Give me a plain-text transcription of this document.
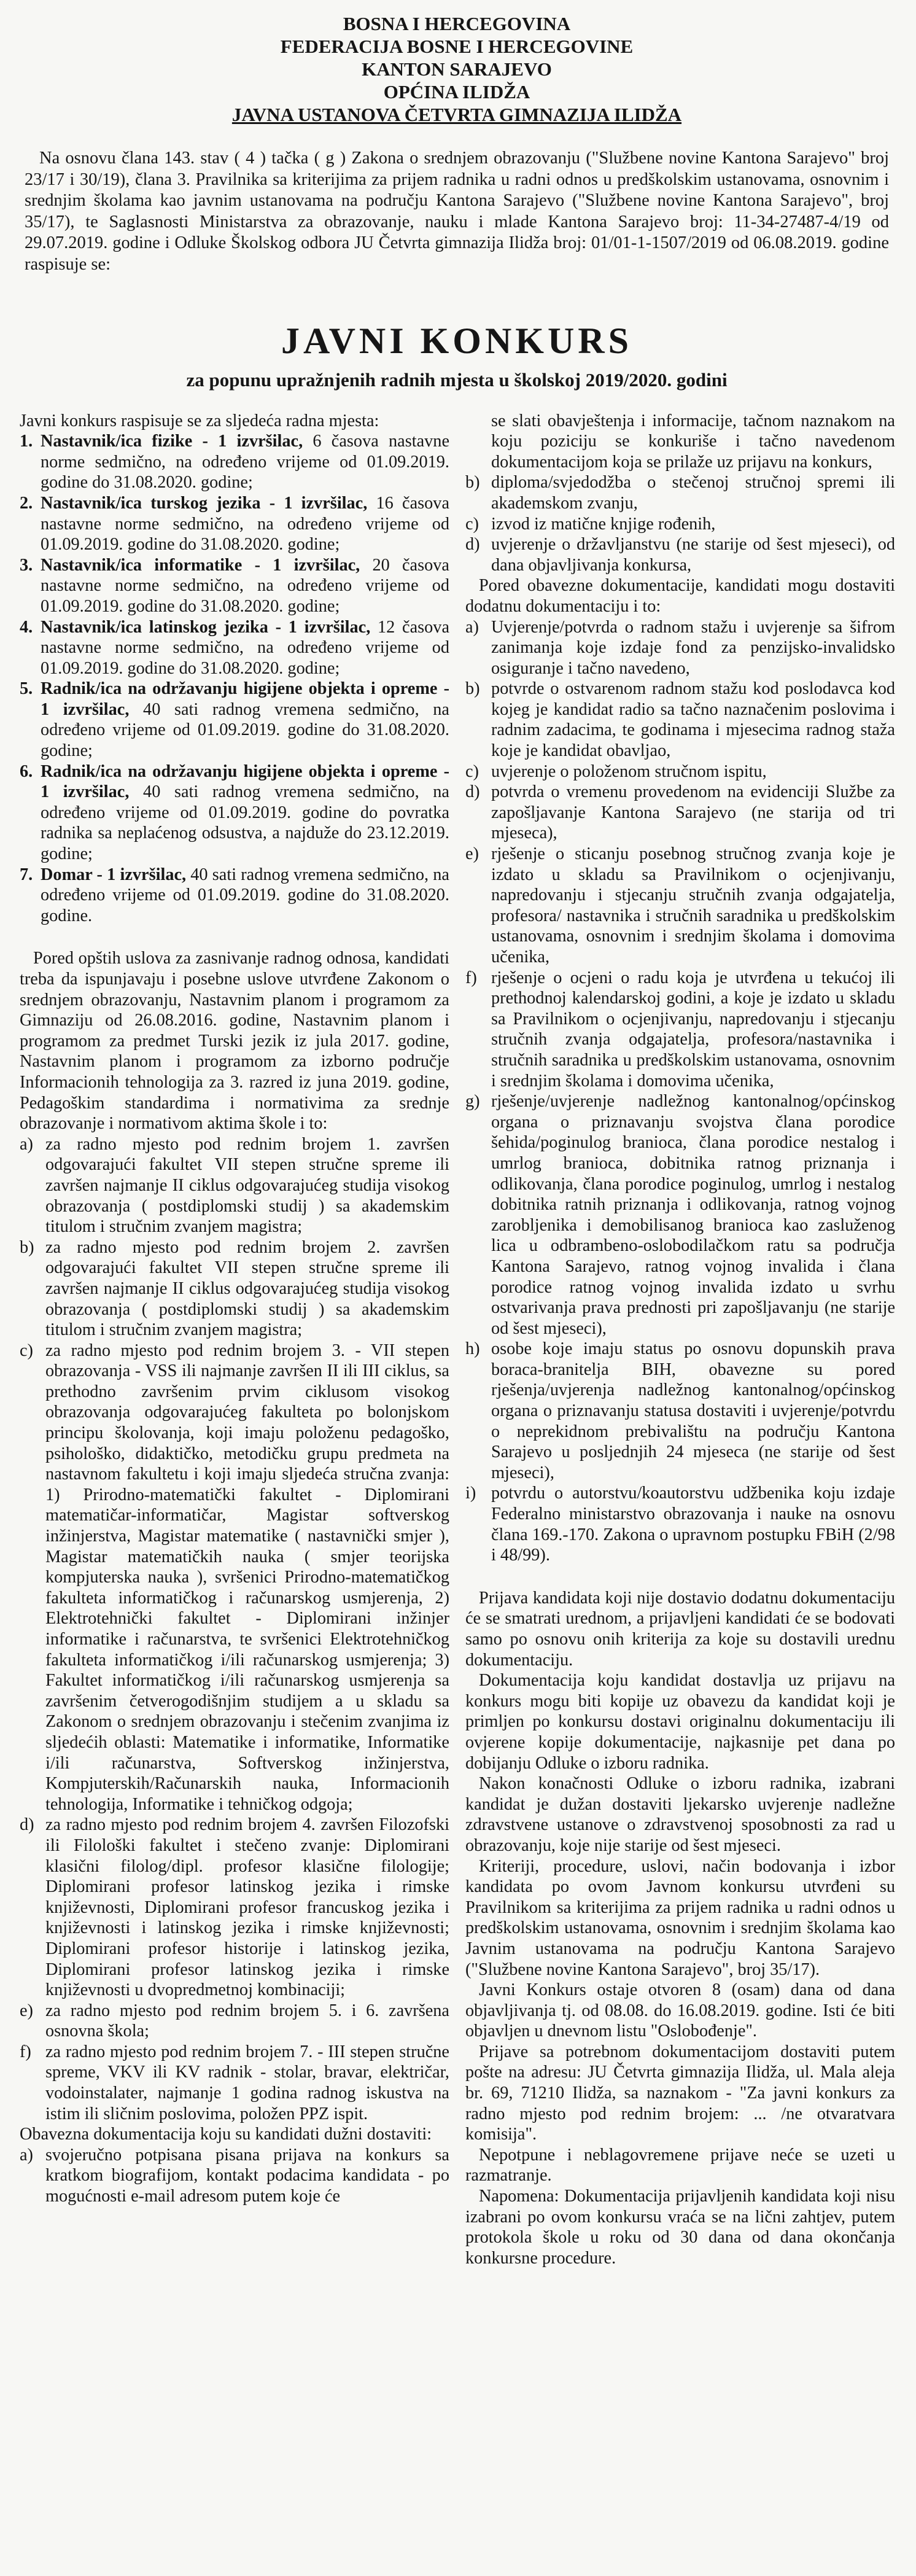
BOSNA I HERCEGOVINA
FEDERACIJA BOSNE I HERCEGOVINE
KANTON SARAJEVO
OPĆINA ILIDŽA
JAVNA USTANOVA ČETVRTA GIMNAZIJA ILIDŽA

Na osnovu člana 143. stav ( 4 ) tačka ( g ) Zakona o srednjem obrazovanju ("Službene novine Kantona Sarajevo" broj 23/17 i 30/19), člana 3. Pravilnika sa kriterijima za prijem radnika u radni odnos u predškolskim ustanovama, osnovnim i srednjim školama kao javnim ustanovama na području Kantona Sarajevo ("Službene novine Kantona Sarajevo", broj 35/17), te Saglasnosti Ministarstva za obrazovanje, nauku i mlade Kantona Sarajevo broj: 11-34-27487-4/19 od 29.07.2019. godine i Odluke Školskog odbora JU Četvrta gimnazija Ilidža broj: 01/01-1-1507/2019 od 06.08.2019. godine raspisuje se:

JAVNI KONKURS
za popunu upražnjenih radnih mjesta u školskoj 2019/2020. godini

Javni konkurs raspisuje se za sljedeća radna mjesta:

1. Nastavnik/ica fizike - 1 izvršilac, 6 časova nastavne norme sedmično, na određeno vrijeme od 01.09.2019. godine do 31.08.2020. godine;
2. Nastavnik/ica turskog jezika - 1 izvršilac, 16 časova nastavne norme sedmično, na određeno vrijeme od 01.09.2019. godine do 31.08.2020. godine;
3. Nastavnik/ica informatike - 1 izvršilac, 20 časova nastavne norme sedmično, na određeno vrijeme od 01.09.2019. godine do 31.08.2020. godine;
4. Nastavnik/ica latinskog jezika - 1 izvršilac, 12 časova nastavne norme sedmično, na određeno vrijeme od 01.09.2019. godine do 31.08.2020. godine;
5. Radnik/ica na održavanju higijene objekta i opreme - 1 izvršilac, 40 sati radnog vremena sedmično, na određeno vrijeme od 01.09.2019. godine do 31.08.2020. godine;
6. Radnik/ica na održavanju higijene objekta i opreme - 1 izvršilac, 40 sati radnog vremena sedmično, na određeno vrijeme od 01.09.2019. godine do povratka radnika sa neplaćenog odsustva, a najduže do 23.12.2019. godine;
7. Domar - 1 izvršilac, 40 sati radnog vremena sedmično, na određeno vrijeme od 01.09.2019. godine do 31.08.2020. godine.

Pored opštih uslova za zasnivanje radnog odnosa, kandidati treba da ispunjavaju i posebne uslove utvrđene Zakonom o srednjem obrazovanju, Nastavnim planom i programom za Gimnaziju od 26.08.2016. godine, Nastavnim planom i programom za predmet Turski jezik iz jula 2017. godine, Nastavnim planom i programom za izborno područje Informacionih tehnologija za 3. razred iz juna 2019. godine, Pedagoškim standardima i normativima za srednje obrazovanje i normativom aktima škole i to:

a) za radno mjesto pod rednim brojem 1. završen odgovarajući fakultet VII stepen stručne spreme ili završen najmanje II ciklus odgovarajućeg studija visokog obrazovanja ( postdiplomski studij ) sa akademskim titulom i stručnim zvanjem magistra;
b) za radno mjesto pod rednim brojem 2. završen odgovarajući fakultet VII stepen stručne spreme ili završen najmanje II ciklus odgovarajućeg studija visokog obrazovanja ( postdiplomski studij ) sa akademskim titulom i stručnim zvanjem magistra;
c) za radno mjesto pod rednim brojem 3. - VII stepen obrazovanja - VSS ili najmanje završen II ili III ciklus, sa prethodno završenim prvim ciklusom visokog obrazovanja odgovarajućeg fakulteta po bolonjskom principu školovanja, koji imaju položenu pedagoško, psihološko, didaktičko, metodičku grupu predmeta na nastavnom fakultetu i koji imaju sljedeća stručna zvanja: 1) Prirodno-matematički fakultet - Diplomirani matematičar-informatičar, Magistar softverskog inžinjerstva, Magistar matematike ( nastavnički smjer ), Magistar matematičkih nauka ( smjer teorijska kompjuterska nauka ), svršenici Prirodno-matematičkog fakulteta informatičkog i računarskog usmjerenja, 2) Elektrotehnički fakultet - Diplomirani inžinjer informatike i računarstva, te svršenici Elektrotehničkog fakulteta informatičkog i/ili računarskog usmjerenja; 3) Fakultet informatičkog i/ili računarskog usmjerenja sa završenim četverogodišnjim studijem a u skladu sa Zakonom o srednjem obrazovanju i stečenim zvanjima iz sljedećih oblasti: Matematike i informatike, Informatike i/ili računarstva, Softverskog inžinjerstva, Kompjuterskih/Računarskih nauka, Informacionih tehnologija, Informatike i tehničkog odgoja;
d) za radno mjesto pod rednim brojem 4. završen Filozofski ili Filološki fakultet i stečeno zvanje: Diplomirani klasični filolog/dipl. profesor klasične filologije; Diplomirani profesor latinskog jezika i rimske književnosti, Diplomirani profesor francuskog jezika i književnosti i latinskog jezika i rimske književnosti; Diplomirani profesor historije i latinskog jezika, Diplomirani profesor latinskog jezika i rimske književnosti u dvopredmetnoj kombinaciji;
e) za radno mjesto pod rednim brojem 5. i 6. završena osnovna škola;
f) za radno mjesto pod rednim brojem 7. - III stepen stručne spreme, VKV ili KV radnik - stolar, bravar, električar, vodoinstalater, najmanje 1 godina radnog iskustva na istim ili sličnim poslovima, položen PPZ ispit.

Obavezna dokumentacija koju su kandidati dužni dostaviti:

a) svojeručno potpisana pisana prijava na konkurs sa kratkom biografijom, kontakt podacima kandidata - po mogućnosti e-mail adresom putem koje će
se slati obavještenja i informacije, tačnom naznakom na koju poziciju se konkuriše i tačno navedenom dokumentacijom koja se prilaže uz prijavu na konkurs,
b) diploma/svjedodžba o stečenoj stručnoj spremi ili akademskom zvanju,
c) izvod iz matične knjige rođenih,
d) uvjerenje o državljanstvu (ne starije od šest mjeseci), od dana objavljivanja konkursa,

Pored obavezne dokumentacije, kandidati mogu dostaviti dodatnu dokumentaciju i to:

a) Uvjerenje/potvrda o radnom stažu i uvjerenje sa šifrom zanimanja koje izdaje fond za penzijsko-invalidsko osiguranje i tačno navedeno,
b) potvrde o ostvarenom radnom stažu kod poslodavca kod kojeg je kandidat radio sa tačno naznačenim poslovima i radnim zadacima, te godinama i mjesecima radnog staža koje je kandidat obavljao,
c) uvjerenje o položenom stručnom ispitu,
d) potvrda o vremenu provedenom na evidenciji Službe za zapošljavanje Kantona Sarajevo (ne starija od tri mjeseca),
e) rješenje o sticanju posebnog stručnog zvanja koje je izdato u skladu sa Pravilnikom o ocjenjivanju, napredovanju i stjecanju stručnih zvanja odgajatelja, profesora/ nastavnika i stručnih saradnika u predškolskim ustanovama, osnovnim i srednjim školama i domovima učenika,
f) rješenje o ocjeni o radu koja je utvrđena u tekućoj ili prethodnoj kalendarskoj godini, a koje je izdato u skladu sa Pravilnikom o ocjenjivanju, napredovanju i stjecanju stručnih zvanja odgajatelja, profesora/nastavnika i stručnih saradnika u predškolskim ustanovama, osnovnim i srednjim školama i domovima učenika,
g) rješenje/uvjerenje nadležnog kantonalnog/općinskog organa o priznavanju svojstva člana porodice šehida/poginulog branioca, člana porodice nestalog i umrlog branioca, dobitnika ratnog priznanja i odlikovanja, člana porodice poginulog, umrlog i nestalog dobitnika ratnih priznanja i odlikovanja, ratnog vojnog zarobljenika i demobilisanog branioca kao zasluženog lica u odbrambeno-oslobodilačkom ratu sa područja Kantona Sarajevo, ratnog vojnog invalida i člana porodice ratnog vojnog invalida izdato u svrhu ostvarivanja prava prednosti pri zapošljavanju (ne starije od šest mjeseci),
h) osobe koje imaju status po osnovu dopunskih prava boraca-branitelja BIH, obavezne su pored rješenja/uvjerenja nadležnog kantonalnog/općinskog organa o priznavanju statusa dostaviti i uvjerenje/potvrdu o neprekidnom prebivalištu na području Kantona Sarajevo u posljednjih 24 mjeseca (ne starije od šest mjeseci),
i) potvrdu o autorstvu/koautorstvu udžbenika koju izdaje Federalno ministarstvo obrazovanja i nauke na osnovu člana 169.-170. Zakona o upravnom postupku FBiH (2/98 i 48/99).

Prijava kandidata koji nije dostavio dodatnu dokumentaciju će se smatrati urednom, a prijavljeni kandidati će se bodovati samo po osnovu onih kriterija za koje su dostavili urednu dokumentaciju.

Dokumentacija koju kandidat dostavlja uz prijavu na konkurs mogu biti kopije uz obavezu da kandidat koji je primljen po konkursu dostavi originalnu dokumentaciju ili ovjerene kopije dokumentacije, najkasnije pet dana po dobijanju Odluke o izboru radnika.

Nakon konačnosti Odluke o izboru radnika, izabrani kandidat je dužan dostaviti ljekarsko uvjerenje nadležne zdravstvene ustanove o zdravstvenoj sposobnosti za rad u obrazovanju, koje nije starije od šest mjeseci.

Kriteriji, procedure, uslovi, način bodovanja i izbor kandidata po ovom Javnom konkursu utvrđeni su Pravilnikom sa kriterijima za prijem radnika u radni odnos u predškolskim ustanovama, osnovnim i srednjim školama kao Javnim ustanovama na području Kantona Sarajevo ("Službene novine Kantona Sarajevo", broj 35/17).

Javni Konkurs ostaje otvoren 8 (osam) dana od dana objavljivanja tj. od 08.08. do 16.08.2019. godine. Isti će biti objavljen u dnevnom listu "Oslobođenje".

Prijave sa potrebnom dokumentacijom dostaviti putem pošte na adresu: JU Četvrta gimnazija Ilidža, ul. Mala aleja br. 69, 71210 Ilidža, sa naznakom - "Za javni konkurs za radno mjesto pod rednim brojem: ... /ne otvaratvara komisija".

Nepotpune i neblagovremene prijave neće se uzeti u razmatranje.

Napomena: Dokumentacija prijavljenih kandidata koji nisu izabrani po ovom konkursu vraća se na lični zahtjev, putem protokola škole u roku od 30 dana od dana okončanja konkursne procedure.
